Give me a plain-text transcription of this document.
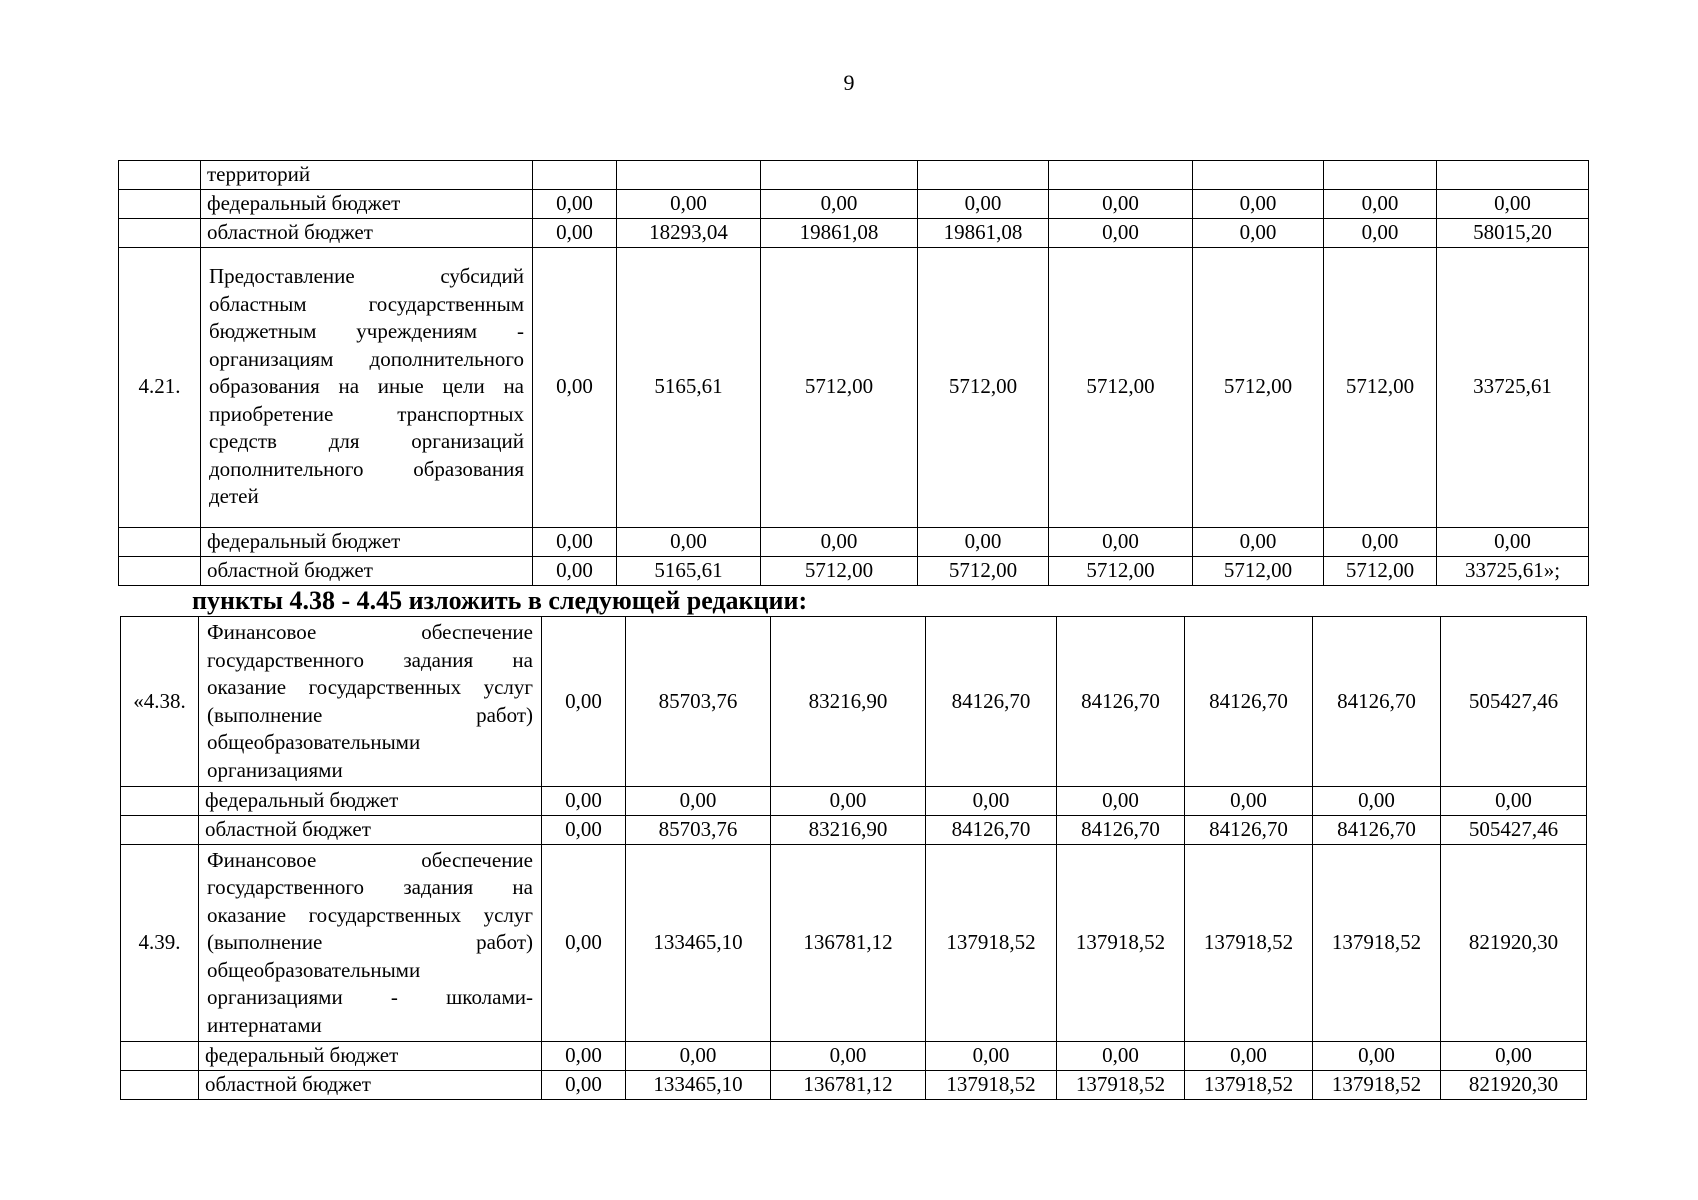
9
	территорий								
	федеральный бюджет	0,00	0,00	0,00	0,00	0,00	0,00	0,00	0,00
	областной бюджет	0,00	18293,04	19861,08	19861,08	0,00	0,00	0,00	58015,20
4.21.	Предоставление субсидий областным государственным бюджетным учреждениям - организациям дополнительного образования на иные цели на приобретение транспортных средств для организаций дополнительного образования детей	0,00	5165,61	5712,00	5712,00	5712,00	5712,00	5712,00	33725,61
	федеральный бюджет	0,00	0,00	0,00	0,00	0,00	0,00	0,00	0,00
	областной бюджет	0,00	5165,61	5712,00	5712,00	5712,00	5712,00	5712,00	33725,61»;
пункты 4.38 - 4.45 изложить в следующей редакции:
«4.38.	Финансовое обеспечение государственного задания на оказание государственных услуг (выполнение работ) общеобразовательными организациями	0,00	85703,76	83216,90	84126,70	84126,70	84126,70	84126,70	505427,46
	федеральный бюджет	0,00	0,00	0,00	0,00	0,00	0,00	0,00	0,00
	областной бюджет	0,00	85703,76	83216,90	84126,70	84126,70	84126,70	84126,70	505427,46
4.39.	Финансовое обеспечение государственного задания на оказание государственных услуг (выполнение работ) общеобразовательными организациями - школами-интернатами	0,00	133465,10	136781,12	137918,52	137918,52	137918,52	137918,52	821920,30
	федеральный бюджет	0,00	0,00	0,00	0,00	0,00	0,00	0,00	0,00
	областной бюджет	0,00	133465,10	136781,12	137918,52	137918,52	137918,52	137918,52	821920,30
